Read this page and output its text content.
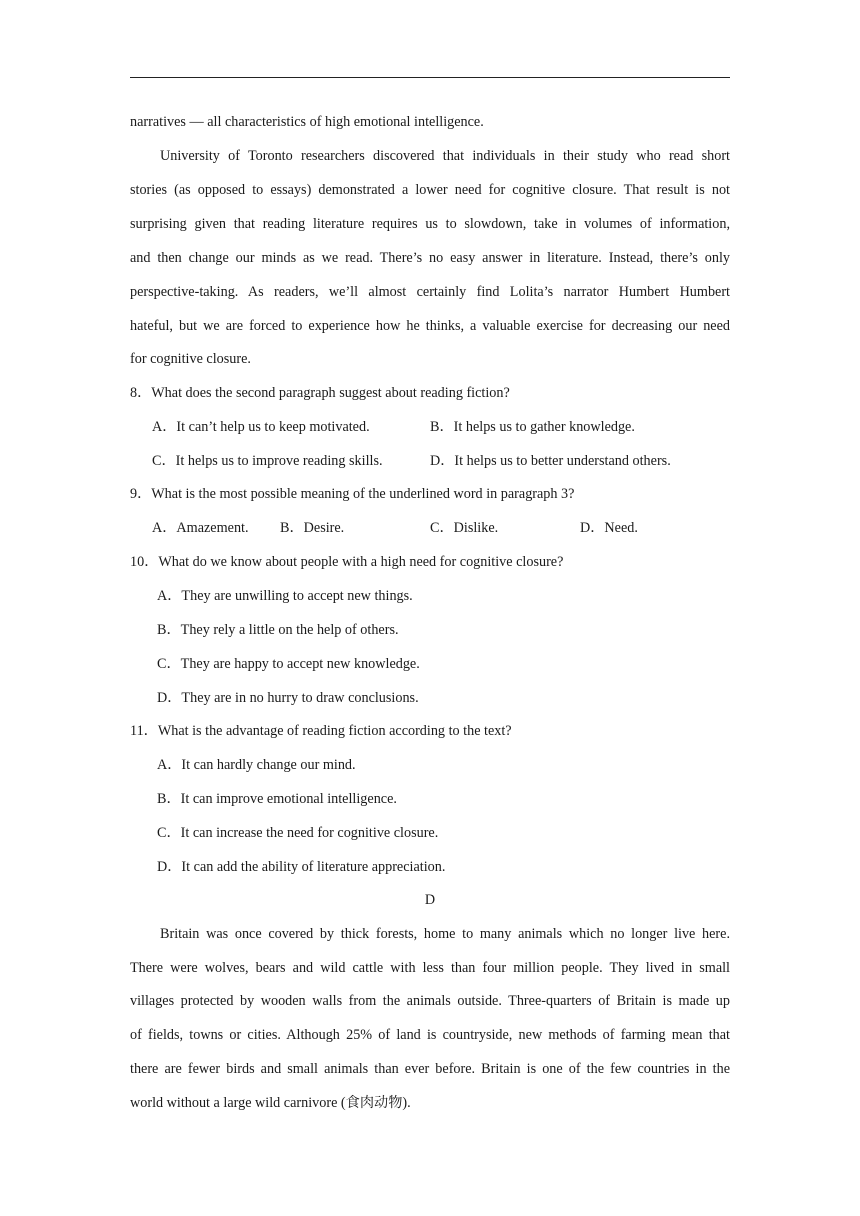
narratives — all characteristics of high emotional intelligence.
University of Toronto researchers discovered that individuals in their study who read short
stories (as opposed to essays) demonstrated a lower need for cognitive closure. That result is not
surprising given that reading literature requires us to slowdown, take in volumes of information,
and then change our minds as we read. There’s no easy answer in literature. Instead, there’s only
perspective-taking. As readers, we’ll almost certainly find Lolita’s narrator Humbert Humbert
hateful, but we are forced to experience how he thinks, a valuable exercise for decreasing our need
for cognitive closure.
8．What does the second paragraph suggest about reading fiction?
A．It can’t help us to keep motivated.	B．It helps us to gather knowledge.
C．It helps us to improve reading skills.	D．It helps us to better understand others.
9．What is the most possible meaning of the underlined word in paragraph 3?
A．Amazement. B．Desire.	C．Dislike.	D．Need.
10．What do we know about people with a high need for cognitive closure?
A．They are unwilling to accept new things.
B．They rely a little on the help of others.
C．They are happy to accept new knowledge.
D．They are in no hurry to draw conclusions.
11．What is the advantage of reading fiction according to the text?
A．It can hardly change our mind.
B．It can improve emotional intelligence.
C．It can increase the need for cognitive closure.
D．It can add the ability of literature appreciation.
D
Britain was once covered by thick forests, home to many animals which no longer live here.
There were wolves, bears and wild cattle with less than four million people. They lived in small
villages protected by wooden walls from the animals outside. Three-quarters of Britain is made up
of fields, towns or cities. Although 25% of land is countryside, new methods of farming mean that
there are fewer birds and small animals than ever before. Britain is one of the few countries in the
world without a large wild carnivore (食肉动物).
